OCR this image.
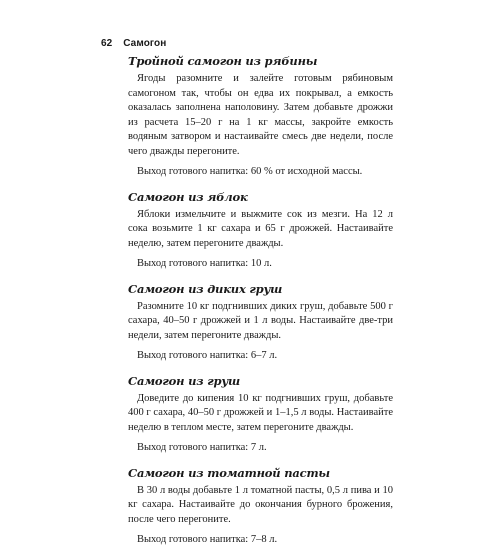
62 Самогон
Тройной самогон из рябины

Ягоды разомните и залейте готовым рябиновым самогоном так, чтобы он едва их покрывал, а емкость оказалась заполнена наполовину. Затем добавьте дрожжи из расчета 15–20 г на 1 кг массы, закройте емкость водяным затвором и настаивайте смесь две недели, после чего дважды перегоните.

Выход готового напитка: 60 % от исходной массы.

Самогон из яблок

Яблоки измельчите и выжмите сок из мезги. На 12 л сока возьмите 1 кг сахара и 65 г дрожжей. Настаивайте неделю, затем перегоните дважды.

Выход готового напитка: 10 л.

Самогон из диких груш

Разомните 10 кг подгнивших диких груш, добавьте 500 г сахара, 40–50 г дрожжей и 1 л воды. Настаивайте две-три недели, затем перегоните дважды.

Выход готового напитка: 6–7 л.

Самогон из груш

Доведите до кипения 10 кг подгнивших груш, добавьте 400 г сахара, 40–50 г дрожжей и 1–1,5 л воды. Настаивайте неделю в теплом месте, затем перегоните дважды.

Выход готового напитка: 7 л.

Самогон из томатной пасты

В 30 л воды добавьте 1 л томатной пасты, 0,5 л пива и 10 кг сахара. Настаивайте до окончания бурного брожения, после чего перегоните.

Выход готового напитка: 7–8 л.
